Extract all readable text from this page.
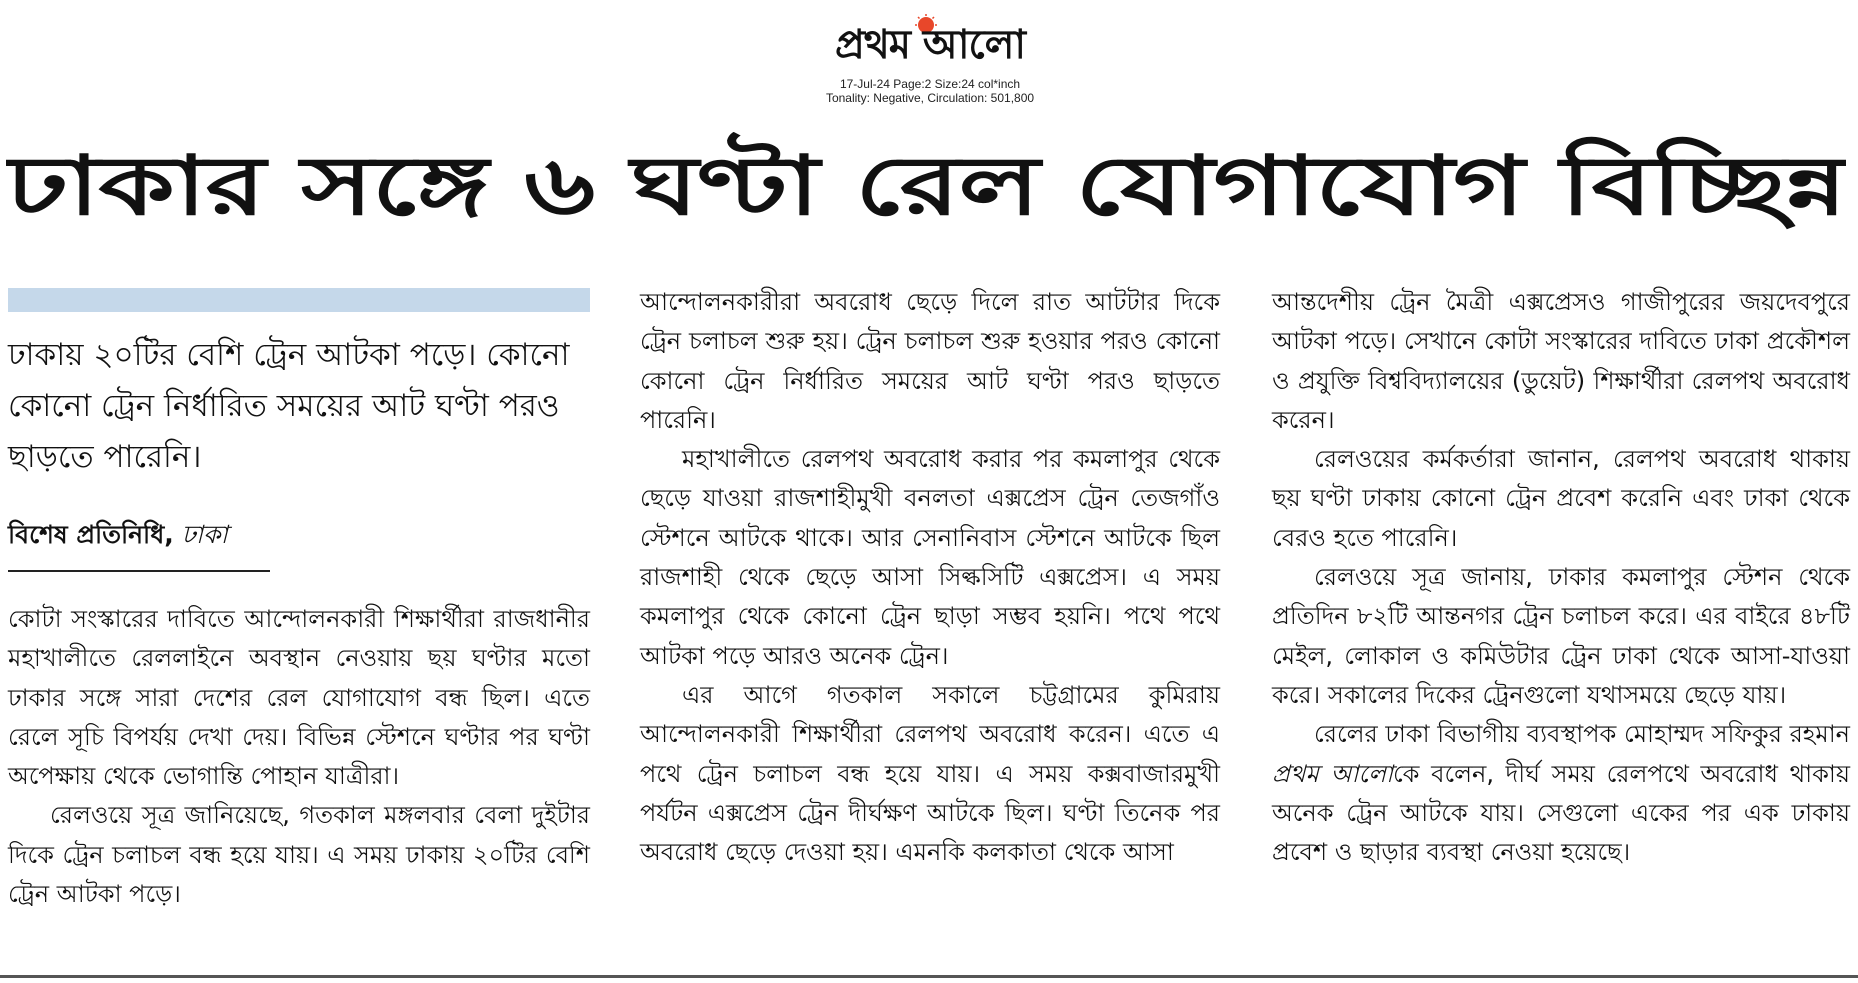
প্রথম আলো
17-Jul-24 Page:2 Size:24 col*inch
Tonality: Negative, Circulation: 501,800
ঢাকার সঙ্গে ৬ ঘণ্টা রেল যোগাযোগ বিচ্ছিন্ন

ঢাকায় ২০টির বেশি ট্রেন আটকা পড়ে। কোনো কোনো ট্রেন নির্ধারিত সময়ের আট ঘণ্টা পরও ছাড়তে পারেনি।

বিশেষ প্রতিনিধি, ঢাকা

কোটা সংস্কারের দাবিতে আন্দোলনকারী শিক্ষার্থীরা রাজধানীর মহাখালীতে রেললাইনে অবস্থান নেওয়ায় ছয় ঘণ্টার মতো ঢাকার সঙ্গে সারা দেশের রেল যোগাযোগ বন্ধ ছিল। এতে রেলে সূচি বিপর্যয় দেখা দেয়। বিভিন্ন স্টেশনে ঘণ্টার পর ঘণ্টা অপেক্ষায় থেকে ভোগান্তি পোহান যাত্রীরা।

রেলওয়ে সূত্র জানিয়েছে, গতকাল মঙ্গলবার বেলা দুইটার দিকে ট্রেন চলাচল বন্ধ হয়ে যায়। এ সময় ঢাকায় ২০টির বেশি ট্রেন আটকা পড়ে।

আন্দোলনকারীরা অবরোধ ছেড়ে দিলে রাত আটটার দিকে ট্রেন চলাচল শুরু হয়। ট্রেন চলাচল শুরু হওয়ার পরও কোনো কোনো ট্রেন নির্ধারিত সময়ের আট ঘণ্টা পরও ছাড়তে পারেনি।

মহাখালীতে রেলপথ অবরোধ করার পর কমলাপুর থেকে ছেড়ে যাওয়া রাজশাহীমুখী বনলতা এক্সপ্রেস ট্রেন তেজগাঁও স্টেশনে আটকে থাকে। আর সেনানিবাস স্টেশনে আটকে ছিল রাজশাহী থেকে ছেড়ে আসা সিল্কসিটি এক্সপ্রেস। এ সময় কমলাপুর থেকে কোনো ট্রেন ছাড়া সম্ভব হয়নি। পথে পথে আটকা পড়ে আরও অনেক ট্রেন।

এর আগে গতকাল সকালে চট্টগ্রামের কুমিরায় আন্দোলনকারী শিক্ষার্থীরা রেলপথ অবরোধ করেন। এতে এ পথে ট্রেন চলাচল বন্ধ হয়ে যায়। এ সময় কক্সবাজারমুখী পর্যটন এক্সপ্রেস ট্রেন দীর্ঘক্ষণ আটকে ছিল। ঘণ্টা তিনেক পর অবরোধ ছেড়ে দেওয়া হয়। এমনকি কলকাতা থেকে আসা

আন্তদেশীয় ট্রেন মৈত্রী এক্সপ্রেসও গাজীপুরের জয়দেবপুরে আটকা পড়ে। সেখানে কোটা সংস্কারের দাবিতে ঢাকা প্রকৌশল ও প্রযুক্তি বিশ্ববিদ্যালয়ের (ডুয়েট) শিক্ষার্থীরা রেলপথ অবরোধ করেন।

রেলওয়ের কর্মকর্তারা জানান, রেলপথ অবরোধ থাকায় ছয় ঘণ্টা ঢাকায় কোনো ট্রেন প্রবেশ করেনি এবং ঢাকা থেকে বেরও হতে পারেনি।

রেলওয়ে সূত্র জানায়, ঢাকার কমলাপুর স্টেশন থেকে প্রতিদিন ৮২টি আন্তনগর ট্রেন চলাচল করে। এর বাইরে ৪৮টি মেইল, লোকাল ও কমিউটার ট্রেন ঢাকা থেকে আসা-যাওয়া করে। সকালের দিকের ট্রেনগুলো যথাসময়ে ছেড়ে যায়।

রেলের ঢাকা বিভাগীয় ব্যবস্থাপক মোহাম্মদ সফিকুর রহমান প্রথম আলোকে বলেন, দীর্ঘ সময় রেলপথে অবরোধ থাকায় অনেক ট্রেন আটকে যায়। সেগুলো একের পর এক ঢাকায় প্রবেশ ও ছাড়ার ব্যবস্থা নেওয়া হয়েছে।
